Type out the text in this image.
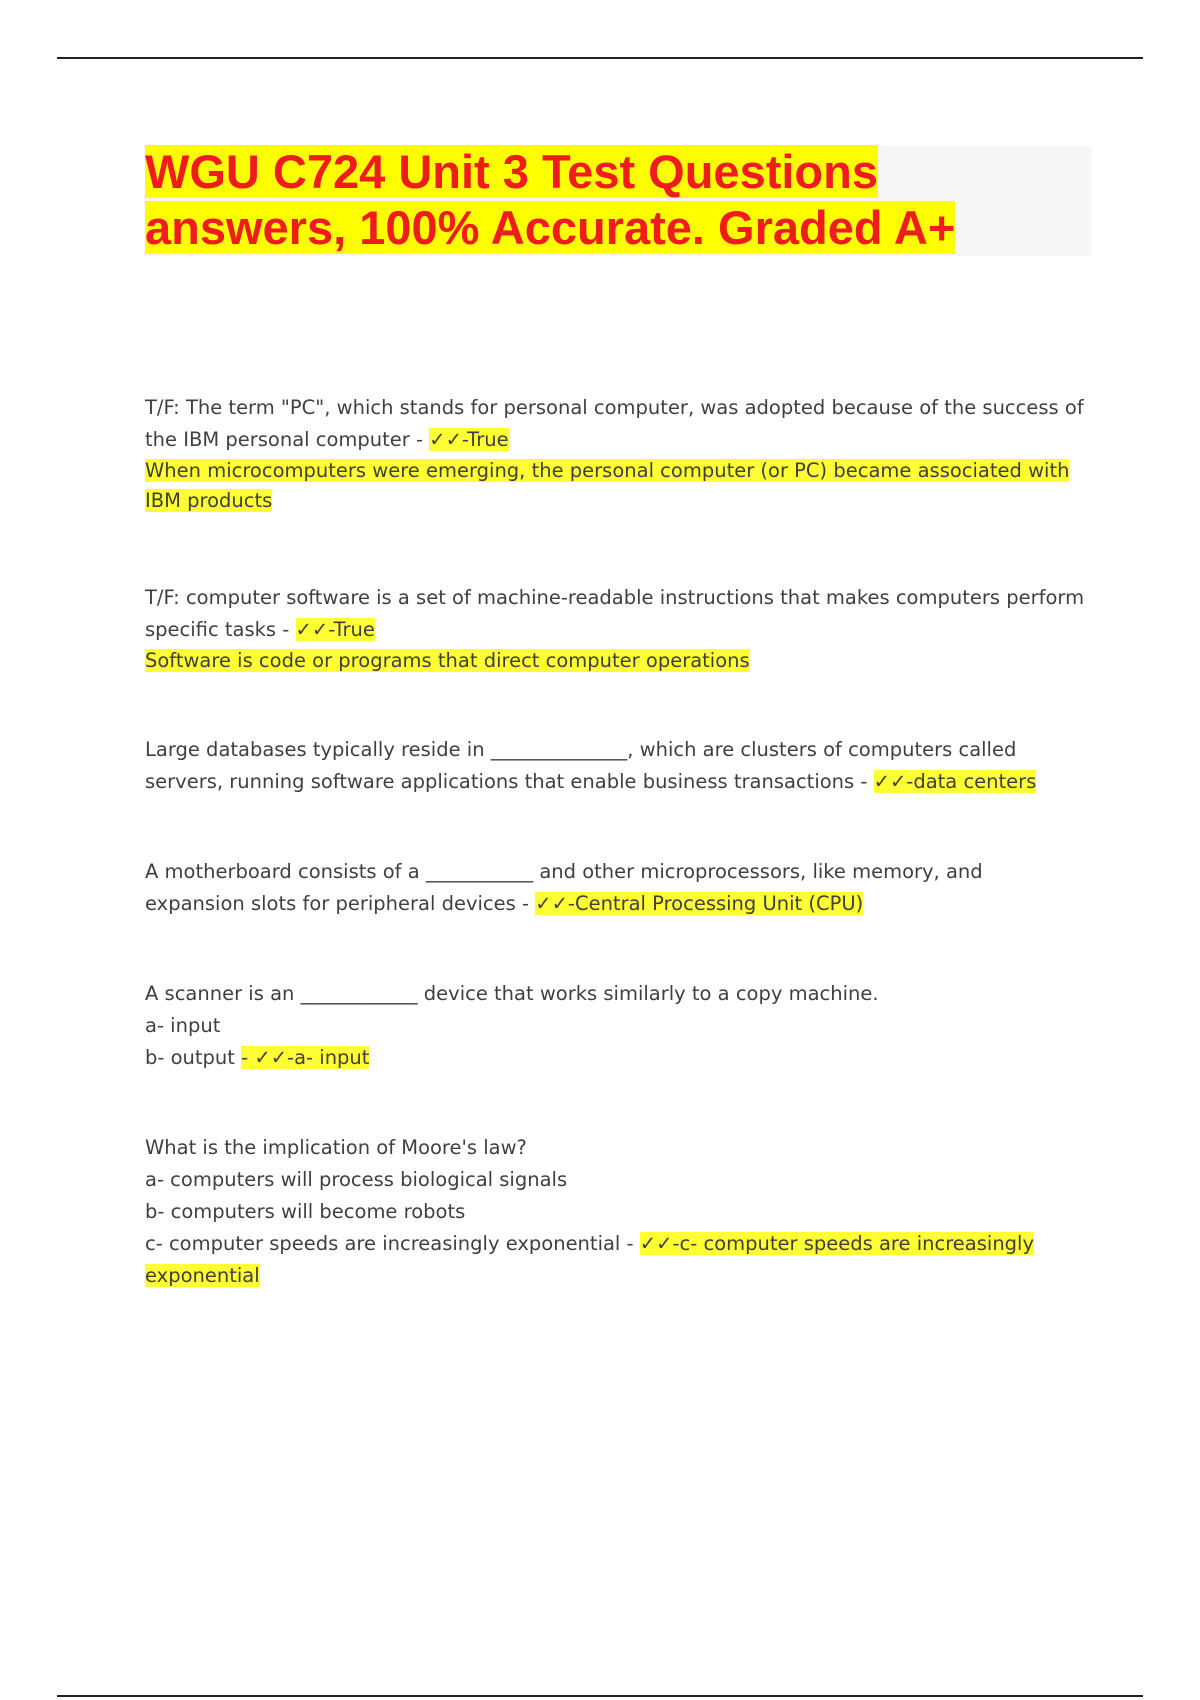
WGU C724 Unit 3 Test Questions
answers, 100% Accurate. Graded A+

T/F: The term "PC", which stands for personal computer, was adopted because of the success of the IBM personal computer - ✓✓-True

When microcomputers were emerging, the personal computer (or PC) became associated with IBM products

T/F: computer software is a set of machine-readable instructions that makes computers perform specific tasks - ✓✓-True

Software is code or programs that direct computer operations

Large databases typically reside in ______________, which are clusters of computers called servers, running software applications that enable business transactions - ✓✓-data centers

A motherboard consists of a ___________ and other microprocessors, like memory, and expansion slots for peripheral devices - ✓✓-Central Processing Unit (CPU)

A scanner is an ____________ device that works similarly to a copy machine.

a- input

b- output - ✓✓-a- input

What is the implication of Moore's law?

a- computers will process biological signals

b- computers will become robots

c- computer speeds are increasingly exponential - ✓✓-c- computer speeds are increasingly exponential
